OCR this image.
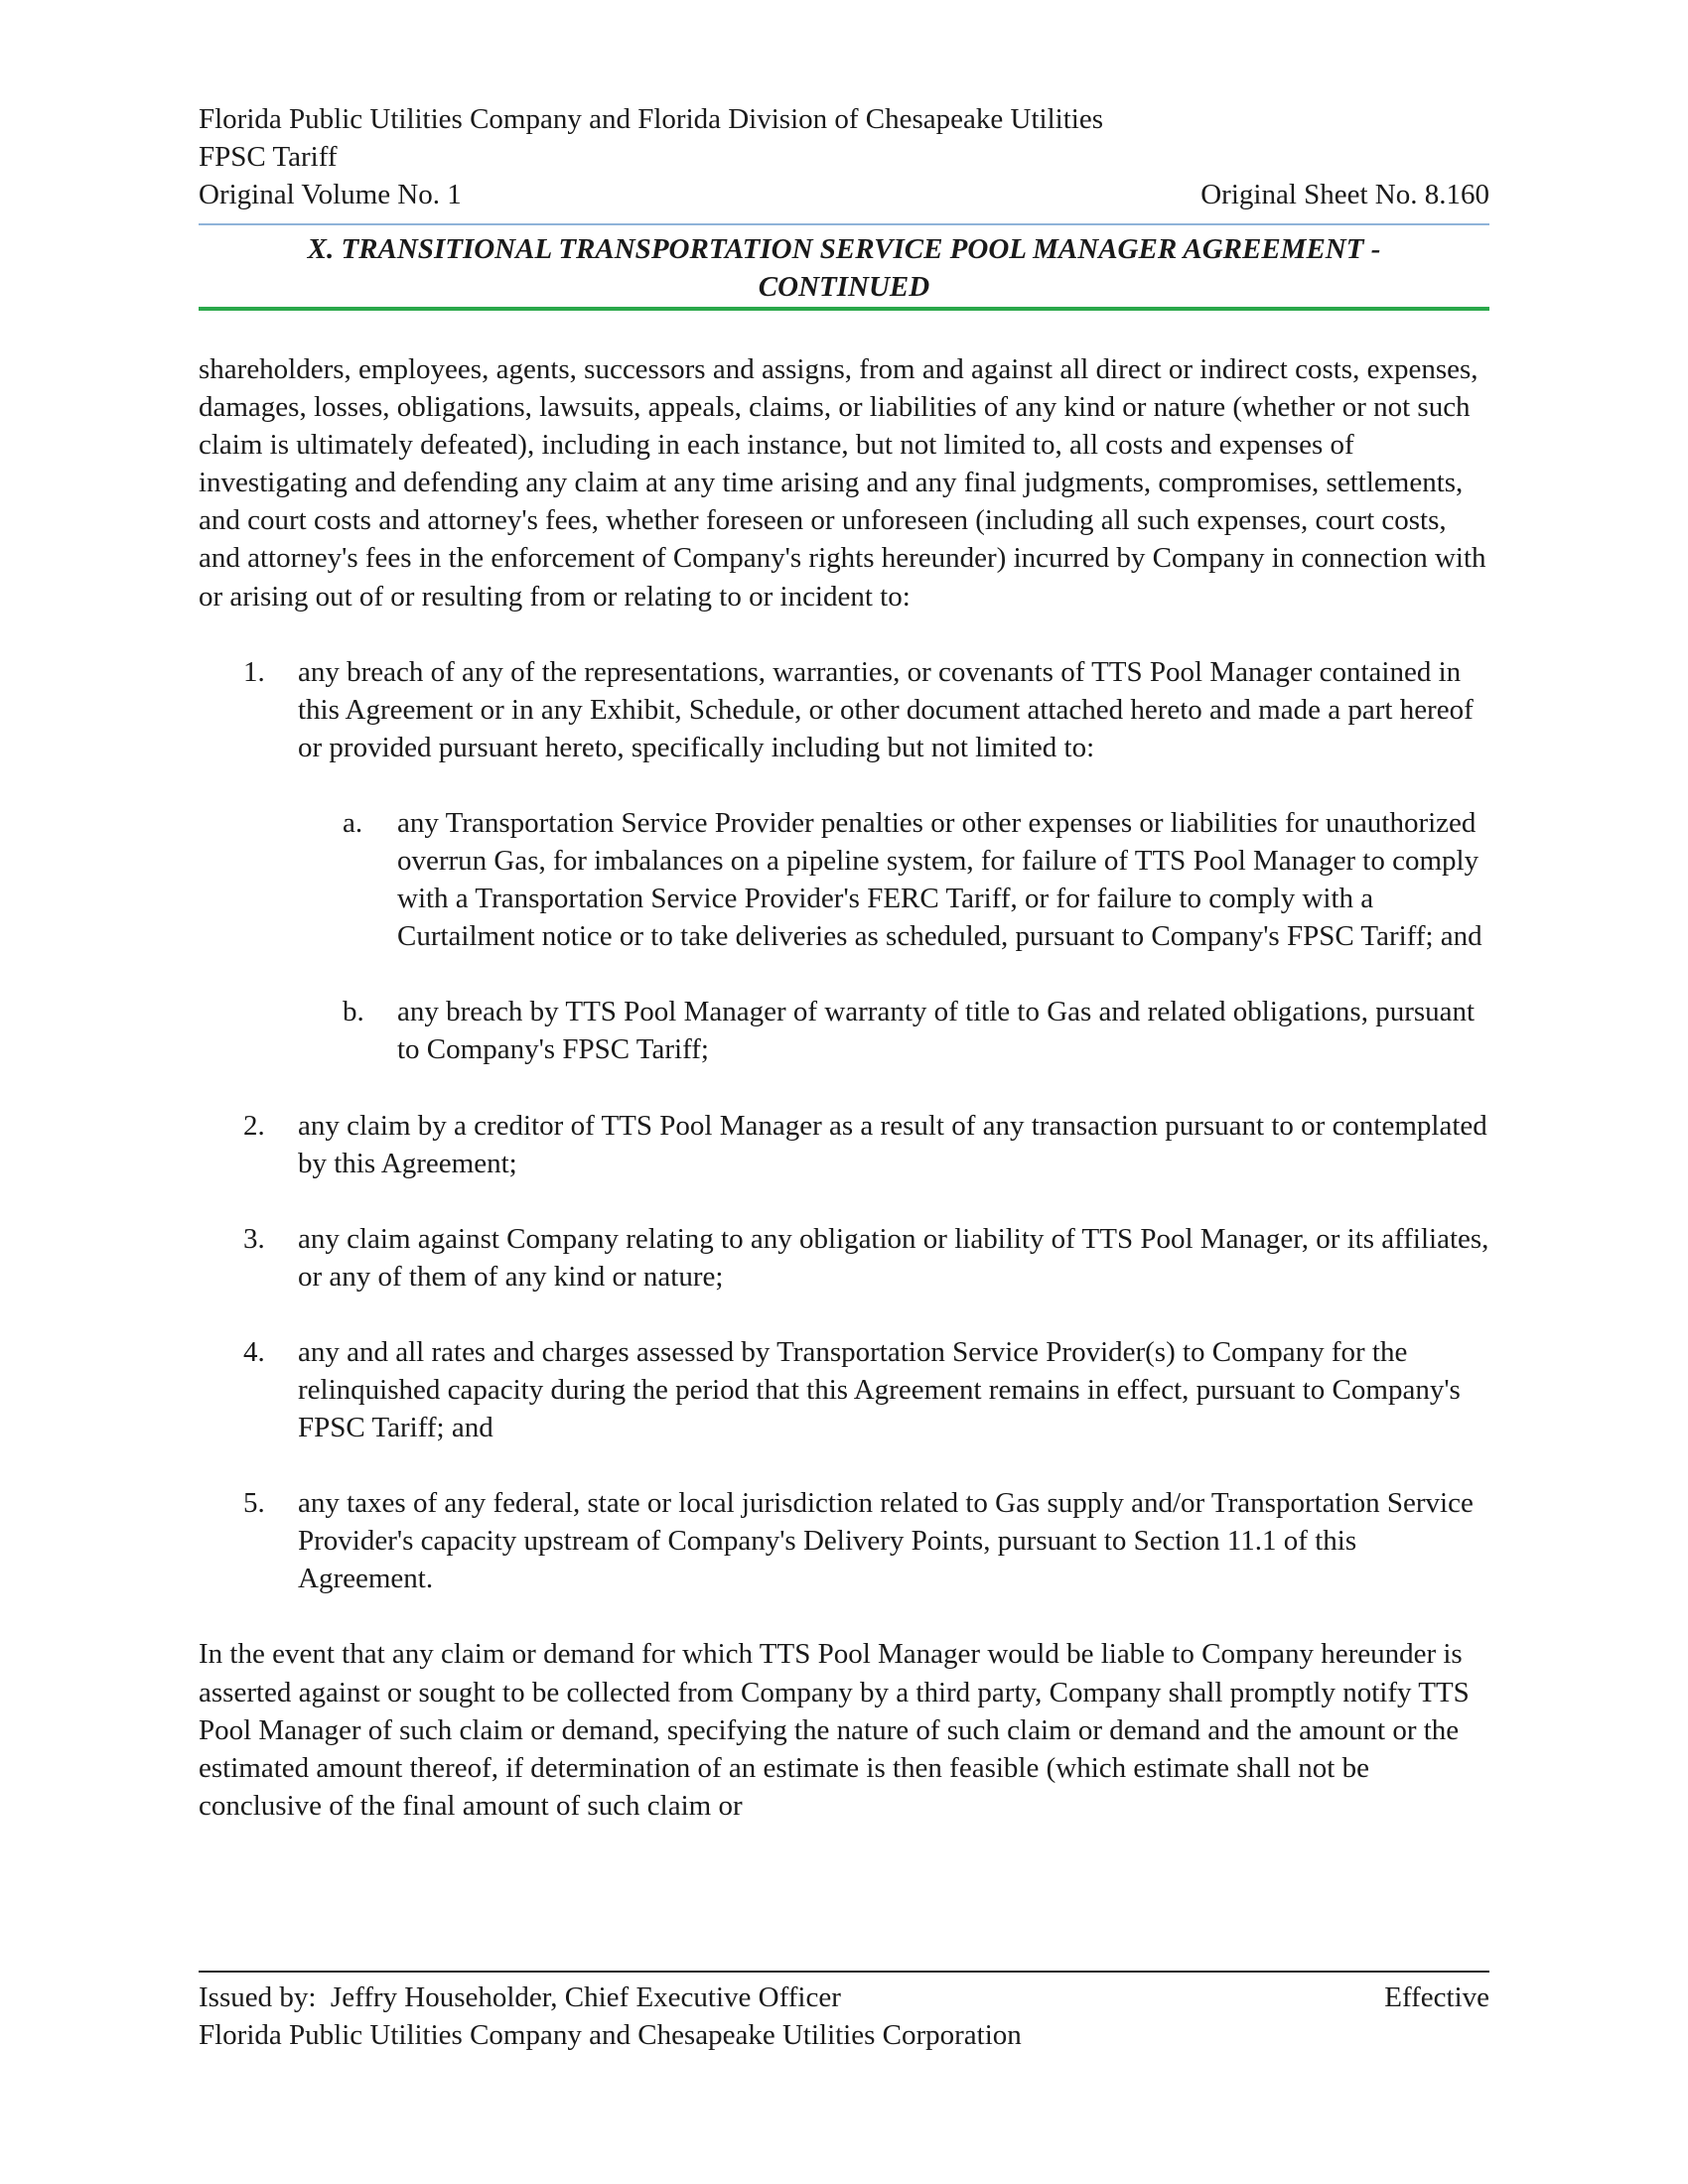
Florida Public Utilities Company and Florida Division of Chesapeake Utilities
FPSC Tariff
Original Volume No. 1	Original Sheet No. 8.160
X. TRANSITIONAL TRANSPORTATION SERVICE POOL MANAGER AGREEMENT -
CONTINUED

shareholders, employees, agents, successors and assigns, from and against all direct or indirect costs, expenses, damages, losses, obligations, lawsuits, appeals, claims, or liabilities of any kind or nature (whether or not such claim is ultimately defeated), including in each instance, but not limited to, all costs and expenses of investigating and defending any claim at any time arising and any final judgments, compromises, settlements, and court costs and attorney's fees, whether foreseen or unforeseen (including all such expenses, court costs, and attorney's fees in the enforcement of Company's rights hereunder) incurred by Company in connection with or arising out of or resulting from or relating to or incident to:

1.	any breach of any of the representations, warranties, or covenants of TTS Pool Manager contained in this Agreement or in any Exhibit, Schedule, or other document attached hereto and made a part hereof or provided pursuant hereto, specifically including but not limited to:
a.	any Transportation Service Provider penalties or other expenses or liabilities for unauthorized overrun Gas, for imbalances on a pipeline system, for failure of TTS Pool Manager to comply with a Transportation Service Provider's FERC Tariff, or for failure to comply with a Curtailment notice or to take deliveries as scheduled, pursuant to Company's FPSC Tariff; and
b.	any breach by TTS Pool Manager of warranty of title to Gas and related obligations, pursuant to Company's FPSC Tariff;
2.	any claim by a creditor of TTS Pool Manager as a result of any transaction pursuant to or contemplated by this Agreement;
3.	any claim against Company relating to any obligation or liability of TTS Pool Manager, or its affiliates, or any of them of any kind or nature;
4.	any and all rates and charges assessed by Transportation Service Provider(s) to Company for the relinquished capacity during the period that this Agreement remains in effect, pursuant to Company's FPSC Tariff; and
5.	any taxes of any federal, state or local jurisdiction related to Gas supply and/or Transportation Service Provider's capacity upstream of Company's Delivery Points, pursuant to Section 11.1 of this Agreement.

In the event that any claim or demand for which TTS Pool Manager would be liable to Company hereunder is asserted against or sought to be collected from Company by a third party, Company shall promptly notify TTS Pool Manager of such claim or demand, specifying the nature of such claim or demand and the amount or the estimated amount thereof, if determination of an estimate is then feasible (which estimate shall not be conclusive of the final amount of such claim or

Issued by:  Jeffry Householder, Chief Executive Officer	Effective
Florida Public Utilities Company and Chesapeake Utilities Corporation
